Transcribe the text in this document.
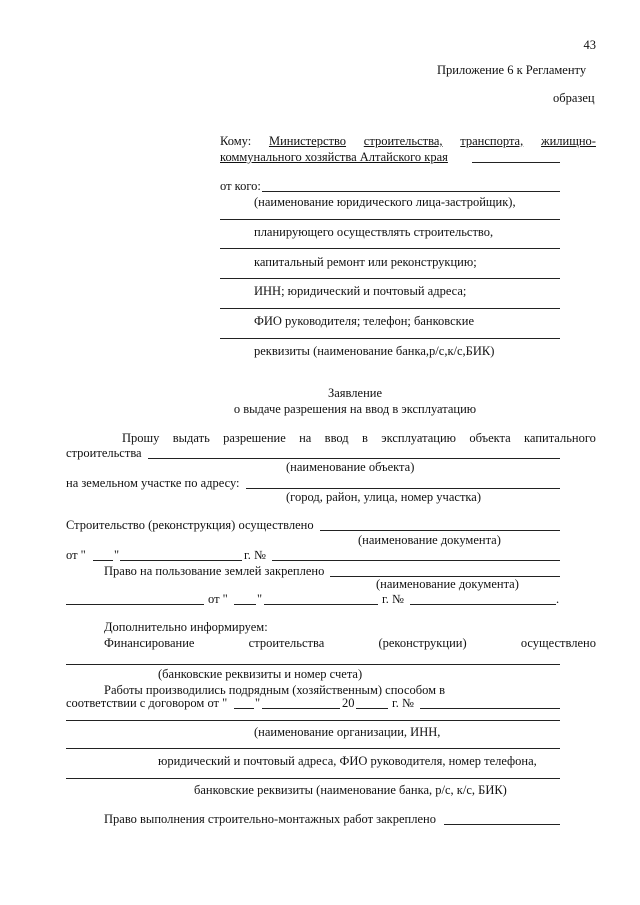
43
Приложение 6 к Регламенту
образец
Кому: Министерство строительства, транспорта, жилищно-
коммунального хозяйства Алтайского края
от кого:
(наименование юридического лица-застройщик),
планирующего осуществлять строительство,
капитальный ремонт или реконструкцию;
ИНН; юридический и почтовый адреса;
ФИО руководителя; телефон; банковские
реквизиты (наименование банка,р/с,к/с,БИК)
Заявление
о выдаче разрешения на ввод в эксплуатацию
Прошу выдать разрешение на ввод в эксплуатацию объекта капитального
строительства
(наименование объекта)
на земельном участке по адресу:
(город, район, улица, номер участка)
Строительство (реконструкция) осуществлено
(наименование документа)
от " "	г. №
Право на пользование землей закреплено
(наименование документа)
от " "	г. №	.
Дополнительно информируем:
Финансирование	строительства	(реконструкции)	осуществлено
(банковские реквизиты и номер счета)
Работы производились подрядным (хозяйственным) способом в
соответствии с договором от " "	20	г. №
(наименование организации, ИНН,
юридический и почтовый адреса, ФИО руководителя, номер телефона,
банковские реквизиты (наименование банка, р/с, к/с, БИК)
Право выполнения строительно-монтажных работ закреплено
